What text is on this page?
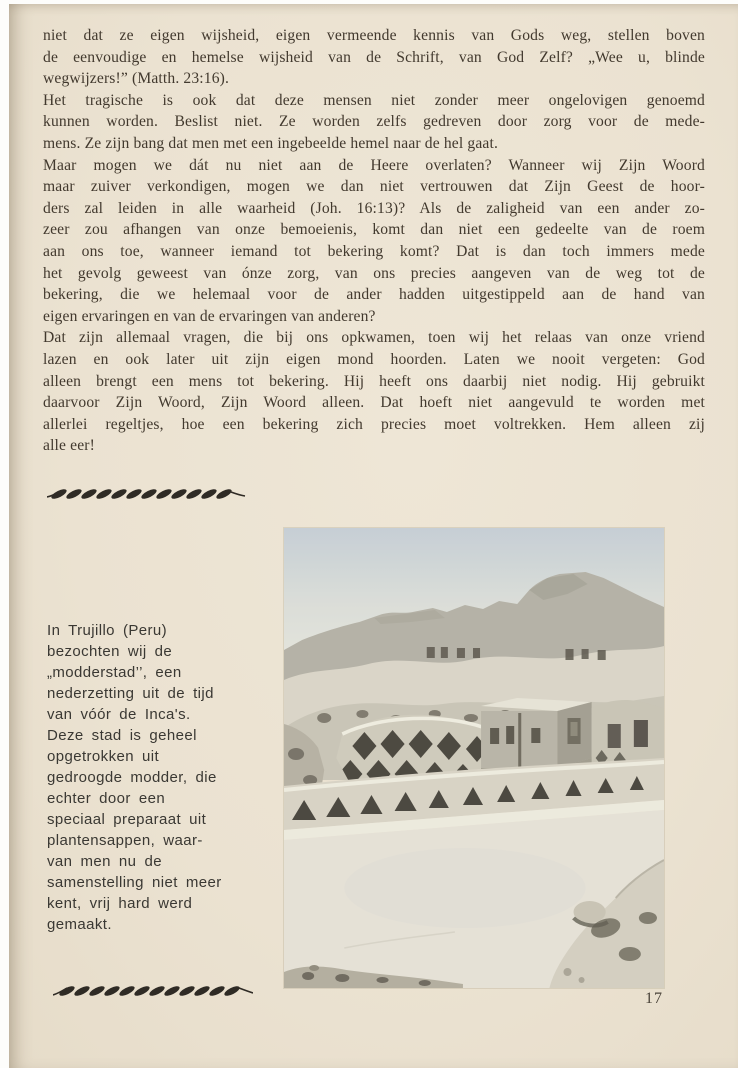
niet dat ze eigen wijsheid, eigen vermeende kennis van Gods weg, stellen boven
de eenvoudige en hemelse wijsheid van de Schrift, van God Zelf? „Wee u, blinde
wegwijzers!” (Matth. 23:16).
Het tragische is ook dat deze mensen niet zonder meer ongelovigen genoemd
kunnen worden. Beslist niet. Ze worden zelfs gedreven door zorg voor de mede-
mens. Ze zijn bang dat men met een ingebeelde hemel naar de hel gaat.
Maar mogen we dát nu niet aan de Heere overlaten? Wanneer wij Zijn Woord
maar zuiver verkondigen, mogen we dan niet vertrouwen dat Zijn Geest de hoor-
ders zal leiden in alle waarheid (Joh. 16:13)? Als de zaligheid van een ander zo-
zeer zou afhangen van onze bemoeienis, komt dan niet een gedeelte van de roem
aan ons toe, wanneer iemand tot bekering komt? Dat is dan toch immers mede
het gevolg geweest van ónze zorg, van ons precies aangeven van de weg tot de
bekering, die we helemaal voor de ander hadden uitgestippeld aan de hand van
eigen ervaringen en van de ervaringen van anderen?
Dat zijn allemaal vragen, die bij ons opkwamen, toen wij het relaas van onze vriend
lazen en ook later uit zijn eigen mond hoorden. Laten we nooit vergeten: God
alleen brengt een mens tot bekering. Hij heeft ons daarbij niet nodig. Hij gebruikt
daarvoor Zijn Woord, Zijn Woord alleen. Dat hoeft niet aangevuld te worden met
allerlei regeltjes, hoe een bekering zich precies moet voltrekken. Hem alleen zij
alle eer!
In Trujillo (Peru)
bezochten wij de
„modderstad’’, een
nederzetting uit de tijd
van vóór de Inca's.
Deze stad is geheel
opgetrokken uit
gedroogde modder, die
echter door een
speciaal preparaat uit
plantensappen, waar-
van men nu de
samenstelling niet meer
kent, vrij hard werd
gemaakt.
17
